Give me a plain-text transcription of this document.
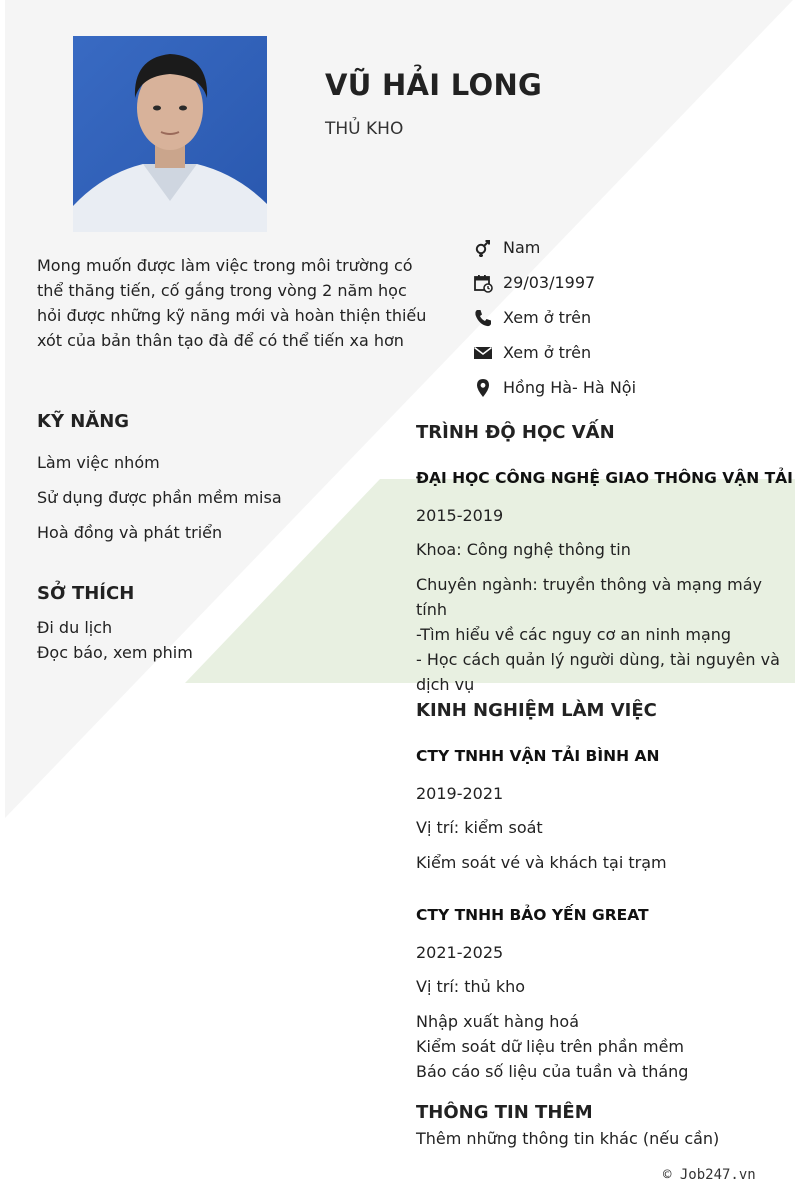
VŨ HẢI LONG
THỦ KHO
Mong muốn được làm việc trong môi trường có thể thăng tiến, cố gắng trong vòng 2 năm học hỏi được những kỹ năng mới và hoàn thiện thiếu xót của bản thân tạo đà để có thể tiến xa hơn
Nam
29/03/1997
Xem ở trên
Xem ở trên
Hồng Hà- Hà Nội
KỸ NĂNG
Làm việc nhóm
Sử dụng được phần mềm misa
Hoà đồng và phát triển
SỞ THÍCH
Đi du lịch
Đọc báo, xem phim
TRÌNH ĐỘ HỌC VẤN
ĐẠI HỌC CÔNG NGHỆ GIAO THÔNG VẬN TẢI
2015-2019
Khoa: Công nghệ thông tin
Chuyên ngành: truyền thông và mạng máy tính
-Tìm hiểu về các nguy cơ an ninh mạng
- Học cách quản lý người dùng, tài nguyên và dịch vụ
KINH NGHIỆM LÀM VIỆC
CTY TNHH VẬN TẢI BÌNH AN
2019-2021
Vị trí: kiểm soát
Kiểm soát vé và khách tại trạm
CTY TNHH BẢO YẾN GREAT
2021-2025
Vị trí: thủ kho
Nhập xuất hàng hoá
Kiểm soát dữ liệu trên phần mềm
Báo cáo số liệu của tuần và tháng
THÔNG TIN THÊM
Thêm những thông tin khác (nếu cần)
© Job247.vn
